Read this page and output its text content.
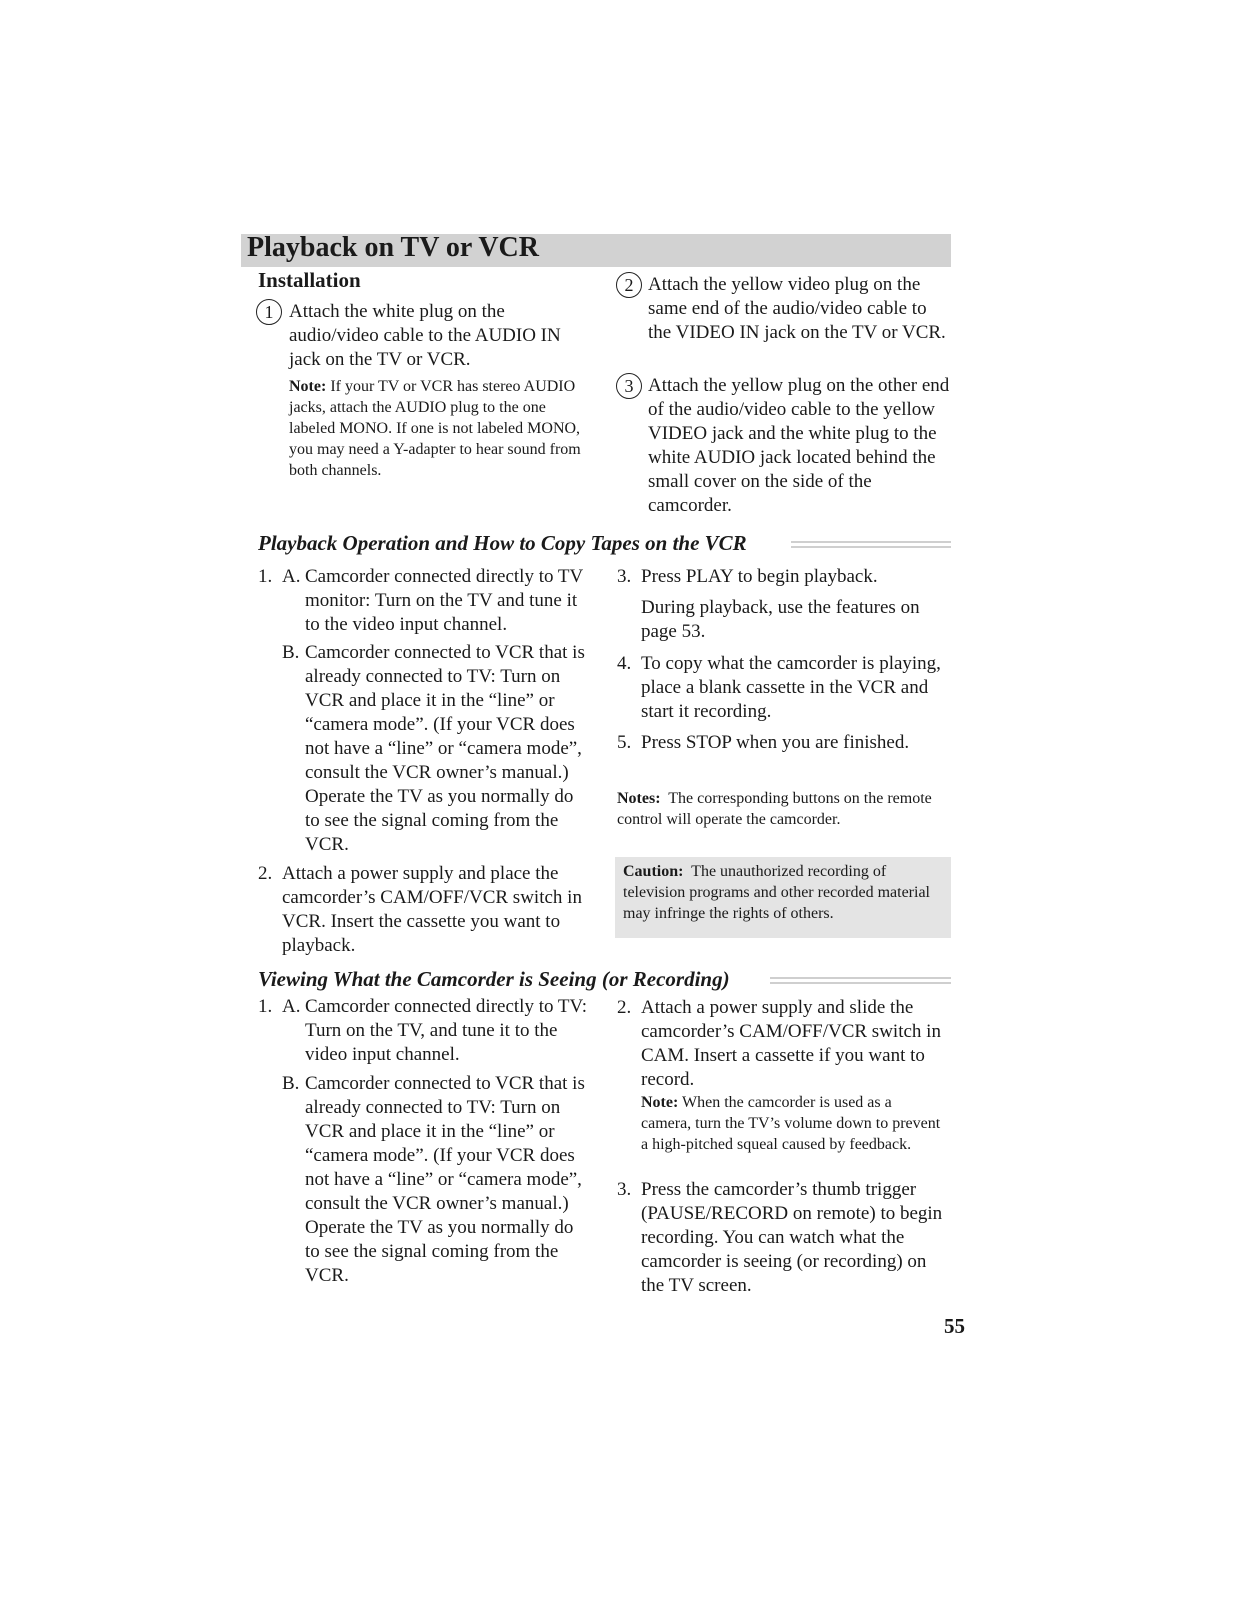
Playback on TV or VCR
Installation
1 Attach the white plug on the audio/video cable to the AUDIO IN jack on the TV or VCR.

Note: If your TV or VCR has stereo AUDIO jacks, attach the AUDIO plug to the one labeled MONO. If one is not labeled MONO, you may need a Y-adapter to hear sound from both channels.

2 Attach the yellow video plug on the same end of the audio/video cable to the VIDEO IN jack on the TV or VCR.

3 Attach the yellow plug on the other end of the audio/video cable to the yellow VIDEO jack and the white plug to the white AUDIO jack located behind the small cover on the side of the camcorder.

Playback Operation and How to Copy Tapes on the VCR
1. A. Camcorder connected directly to TV monitor: Turn on the TV and tune it to the video input channel.

B. Camcorder connected to VCR that is already connected to TV: Turn on VCR and place it in the “line” or “camera mode”. (If your VCR does not have a “line” or “camera mode”, consult the VCR owner’s manual.) Operate the TV as you normally do to see the signal coming from the VCR.

2. Attach a power supply and place the camcorder’s CAM/OFF/VCR switch in VCR. Insert the cassette you want to playback.

3. Press PLAY to begin playback.

During playback, use the features on page 53.

4. To copy what the camcorder is playing, place a blank cassette in the VCR and start it recording.

5. Press STOP when you are finished.

Notes: The corresponding buttons on the remote control will operate the camcorder.

Caution: The unauthorized recording of television programs and other recorded material may infringe the rights of others.

Viewing What the Camcorder is Seeing (or Recording)
1. A. Camcorder connected directly to TV: Turn on the TV, and tune it to the video input channel.

B. Camcorder connected to VCR that is already connected to TV: Turn on VCR and place it in the “line” or “camera mode”. (If your VCR does not have a “line” or “camera mode”, consult the VCR owner’s manual.) Operate the TV as you normally do to see the signal coming from the VCR.

2. Attach a power supply and slide the camcorder’s CAM/OFF/VCR switch in CAM. Insert a cassette if you want to record.

Note: When the camcorder is used as a camera, turn the TV’s volume down to prevent a high-pitched squeal caused by feedback.

3. Press the camcorder’s thumb trigger (PAUSE/RECORD on remote) to begin recording. You can watch what the camcorder is seeing (or recording) on the TV screen.

55
